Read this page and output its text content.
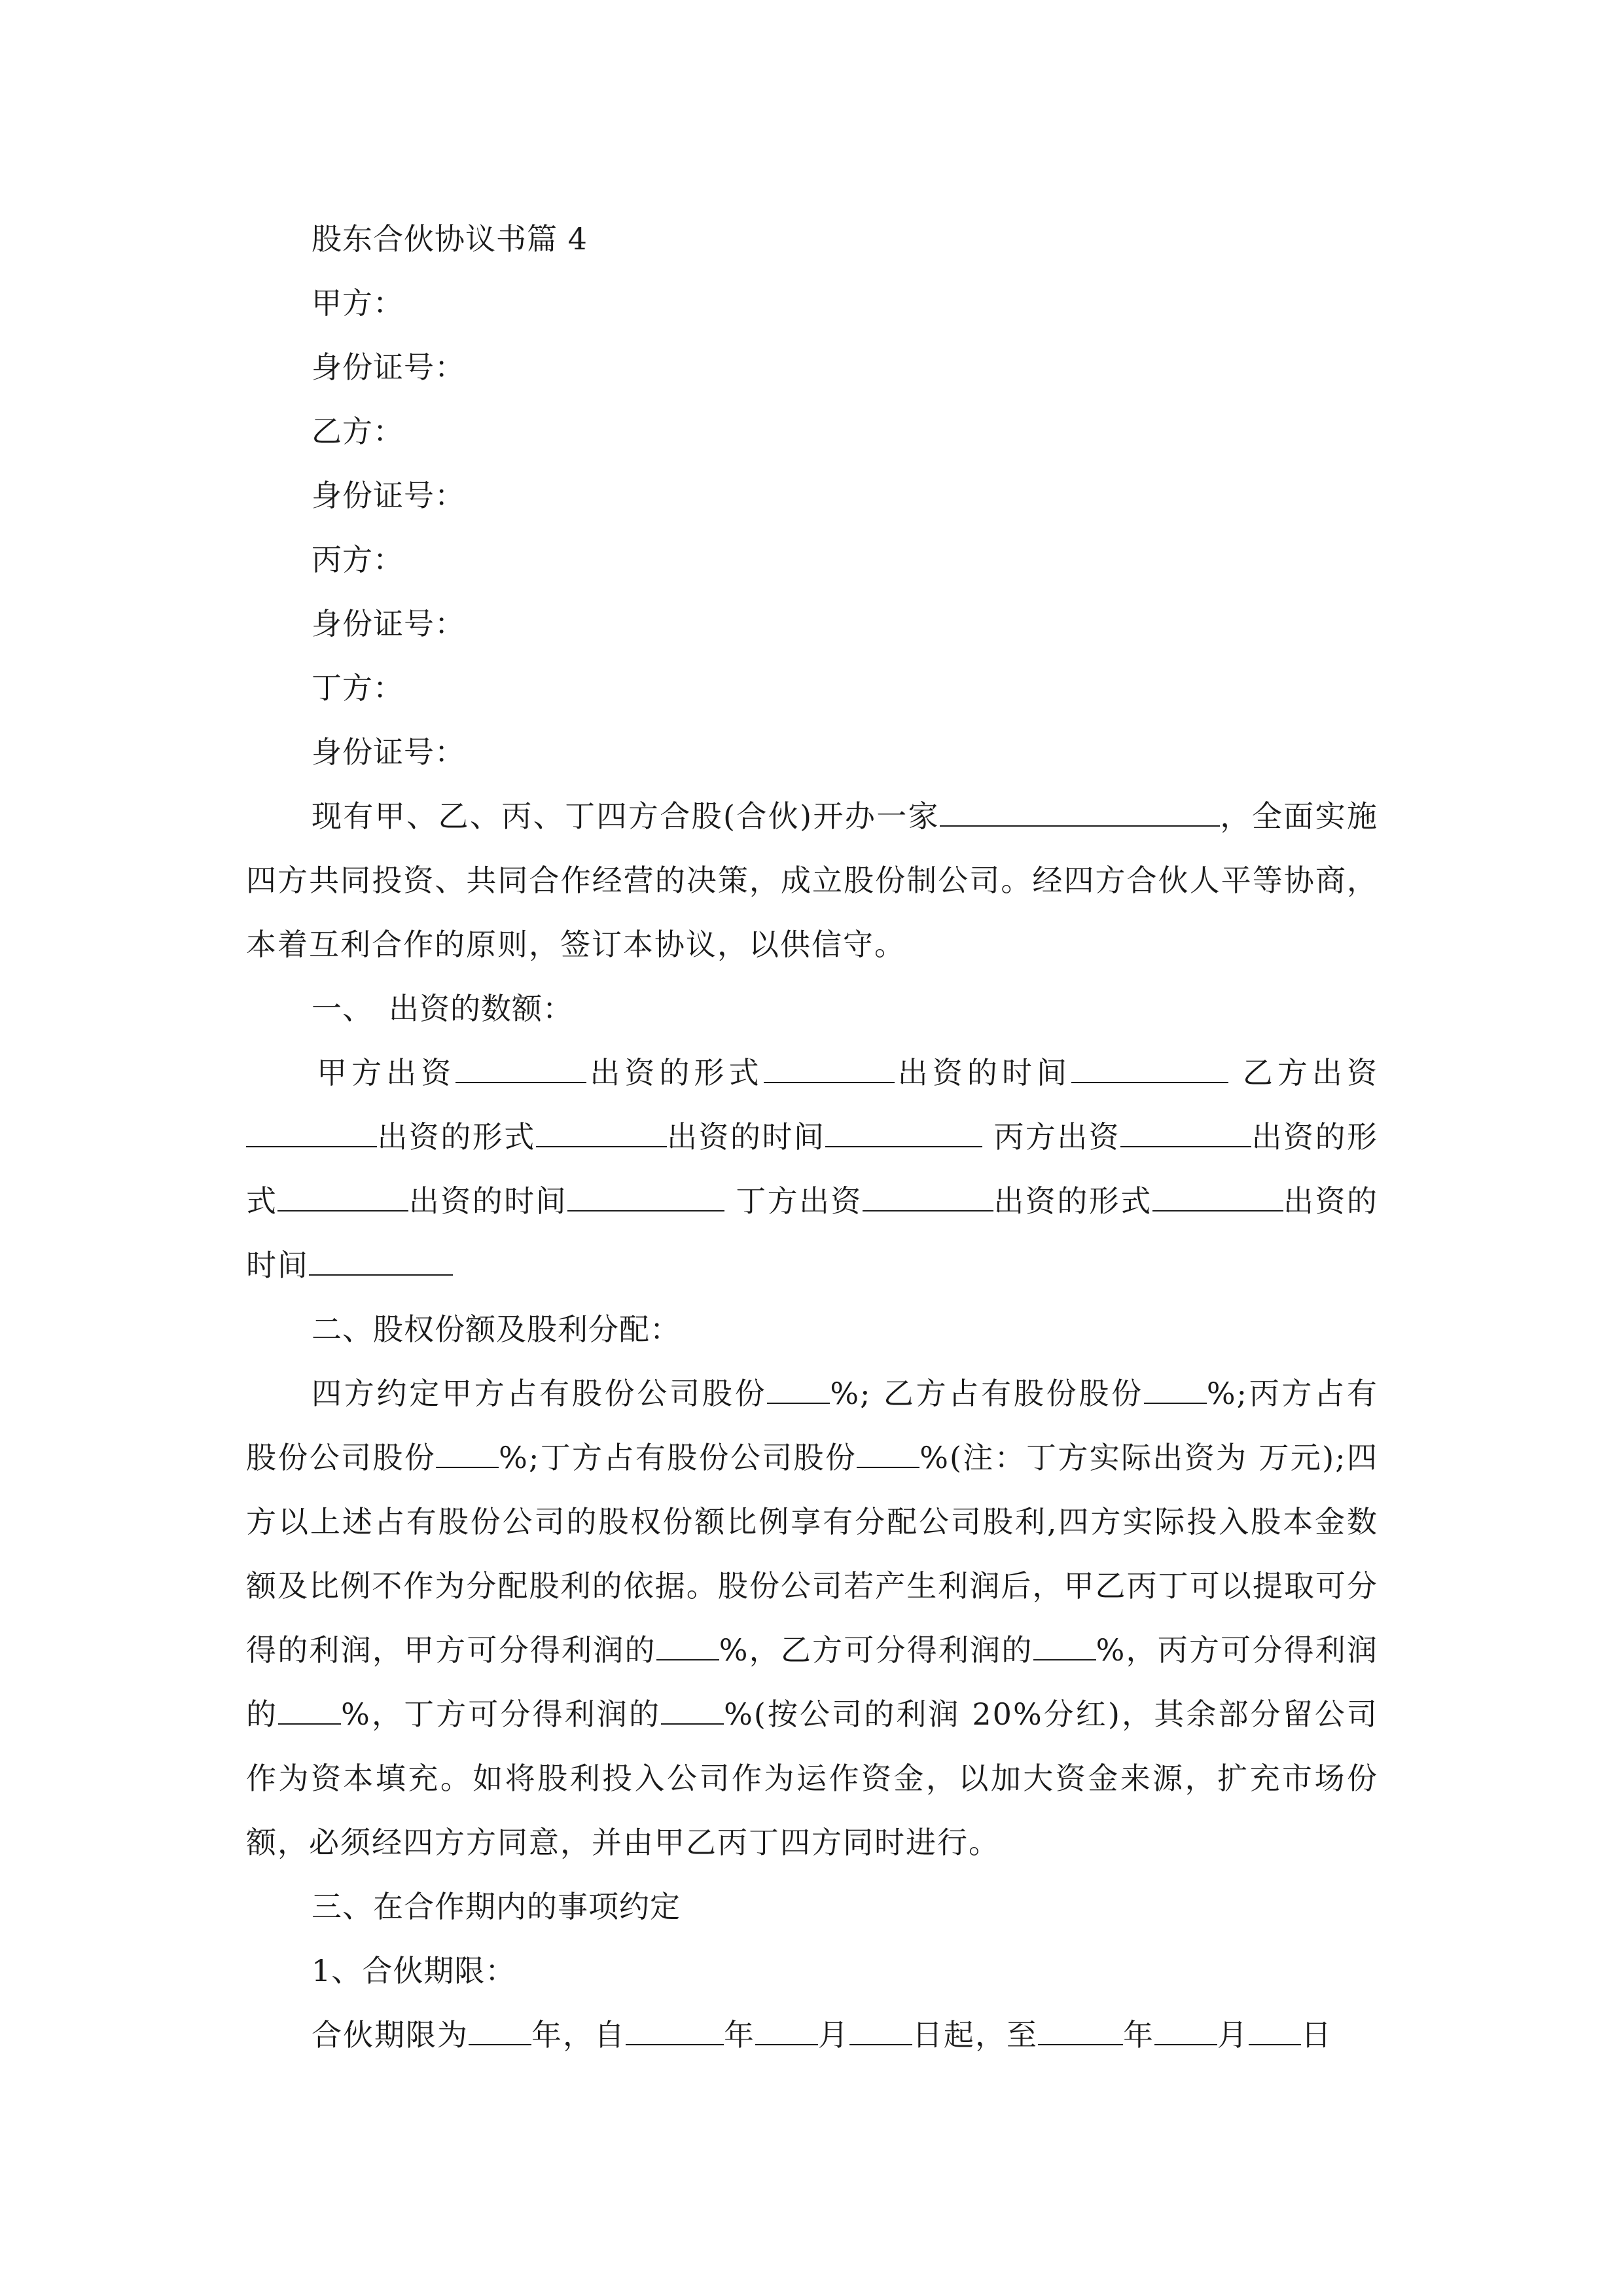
股东合伙协议书篇 4
甲方：
身份证号：
乙方：
身份证号：
丙方：
身份证号：
丁方：
身份证号：

现有甲、乙、丙、丁四方合股(合伙)开办一家	，全面实施四方共同投资、共同合作经营的决策，成立股份制公司。经四方合伙人平等协商，本着互利合作的原则，签订本协议，以供信守。

一、　出资的数额：

甲方出资	出资的形式	出资的时间	乙方出资出资的形式	出资的时间	丙方出资	出资的形式	出资的时间	丁方出资	出资的形式	出资的时间

二、股权份额及股利分配：

四方约定甲方占有股份公司股份 %; 乙方占有股份股份 %;丙方占有股份公司股份 %;丁方占有股份公司股份 %(注：丁方实际出资为 万元);四方以上述占有股份公司的股权份额比例享有分配公司股利,四方实际投入股本金数额及比例不作为分配股利的依据。股份公司若产生利润后，甲乙丙丁可以提取可分得的利润，甲方可分得利润的 %，乙方可分得利润的 %，丙方可分得利润的 %，丁方可分得利润的 %(按公司的利润 20%分红)，其余部分留公司作为资本填充。如将股利投入公司作为运作资金，以加大资金来源，扩充市场份额，必须经四方方同意，并由甲乙丙丁四方同时进行。

三、在合作期内的事项约定
1、合伙期限：

合伙期限为 年，自	年 月 日起，至	年 月 日
